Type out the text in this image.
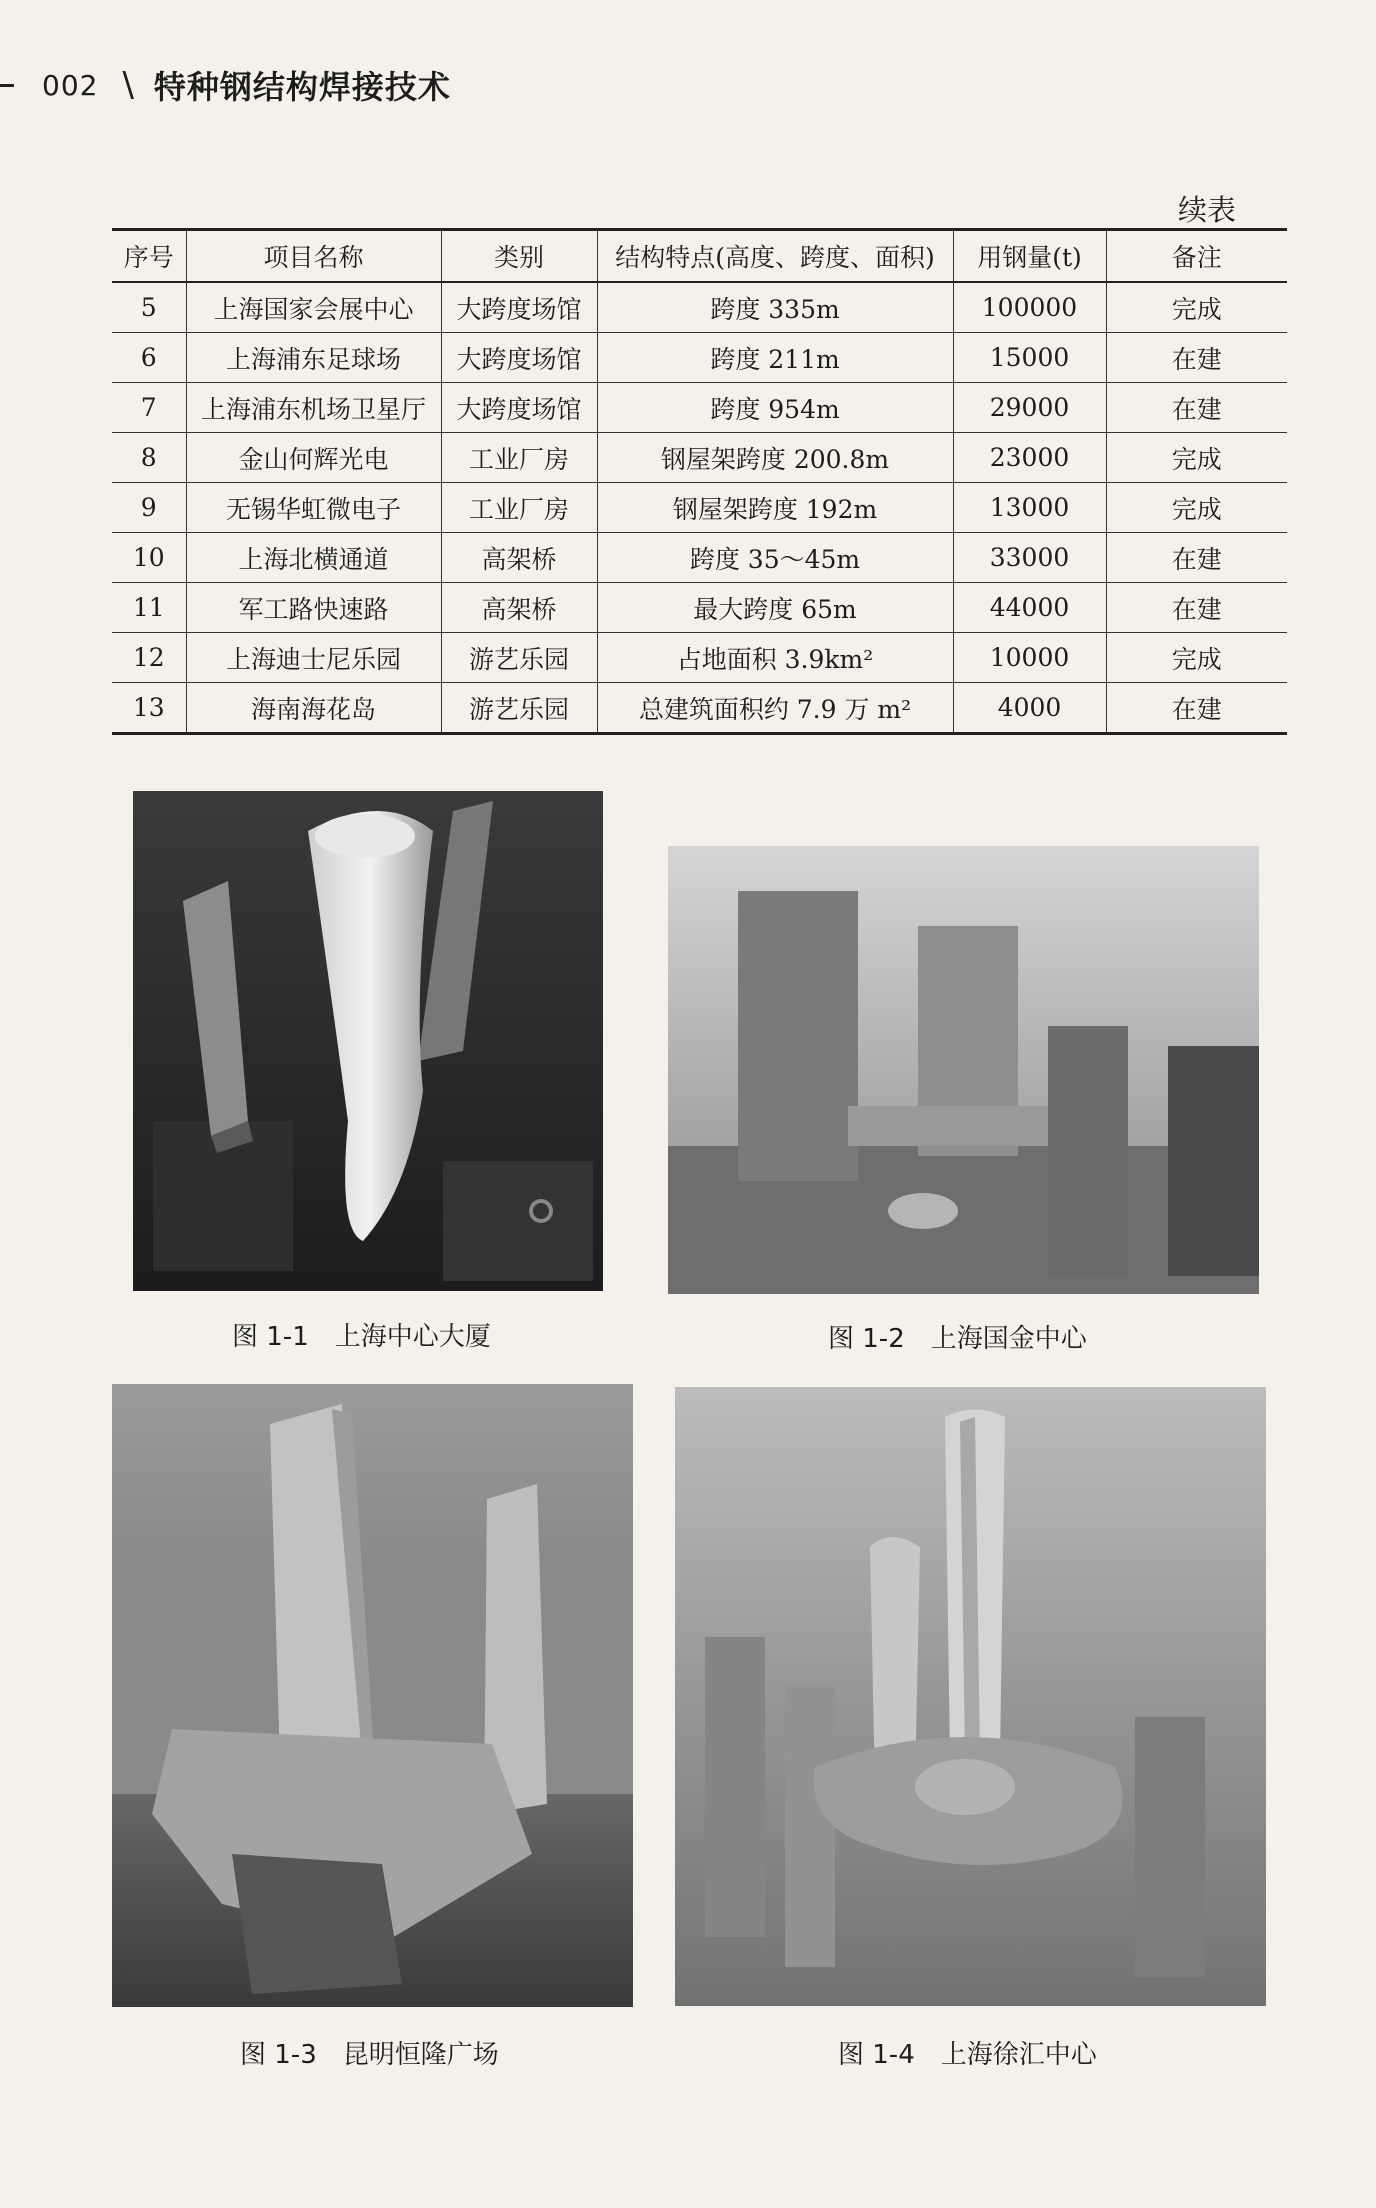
002 \ 特种钢结构焊接技术
续表
序号	项目名称	类别	结构特点(高度、跨度、面积)	用钢量(t)	备注
5	上海国家会展中心	大跨度场馆	跨度 335m	100000	完成
6	上海浦东足球场	大跨度场馆	跨度 211m	15000	在建
7	上海浦东机场卫星厅	大跨度场馆	跨度 954m	29000	在建
8	金山何辉光电	工业厂房	钢屋架跨度 200.8m	23000	完成
9	无锡华虹微电子	工业厂房	钢屋架跨度 192m	13000	完成
10	上海北横通道	高架桥	跨度 35～45m	33000	在建
11	军工路快速路	高架桥	最大跨度 65m	44000	在建
12	上海迪士尼乐园	游艺乐园	占地面积 3.9km²	10000	完成
13	海南海花岛	游艺乐园	总建筑面积约 7.9 万 m²	4000	在建
图 1-1 上海中心大厦	图 1-2 上海国金中心
图 1-3 昆明恒隆广场	图 1-4 上海徐汇中心
